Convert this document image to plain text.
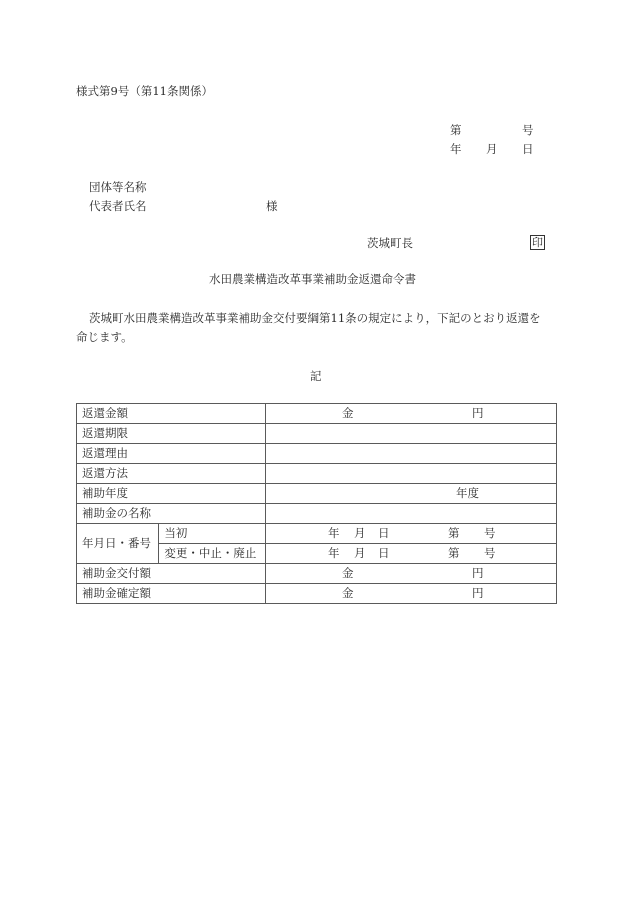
様式第9号（第11条関係）
第	号
年 月 日
団体等名称
代表者氏名	様
茨城町長	印
水田農業構造改革事業補助金返還命令書
茨城町水田農業構造改革事業補助金交付要綱第11条の規定により，下記のとおり返還を
命じます。
記
返還金額		金 円

返還期限		
返還理由		
返還方法		
補助年度		年度

補助金の名称		
年月日・番号	当初	年 月 日 第 号

	変更・中止・廃止	年 月 日 第 号

補助金交付額		金 円

補助金確定額		金 円
